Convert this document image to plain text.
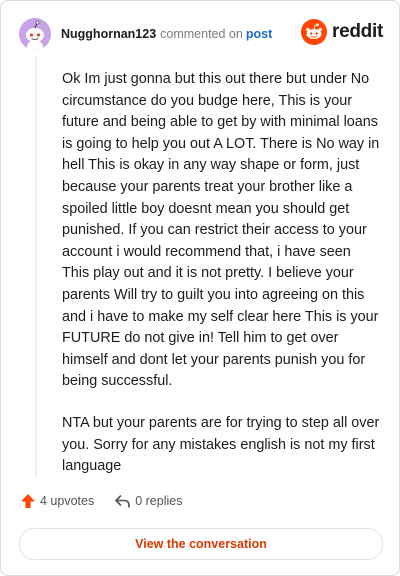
Nugghornan123 commented on post	reddit

Ok Im just gonna but this out there but under No circumstance do you budge here, This is your future and being able to get by with minimal loans is going to help you out A LOT. There is No way in hell This is okay in any way shape or form, just because your parents treat your brother like a spoiled little boy doesnt mean you should get punished. If you can restrict their access to your account i would recommend that, i have seen This play out and it is not pretty. I believe your parents Will try to guilt you into agreeing on this and i have to make my self clear here This is your FUTURE do not give in! Tell him to get over himself and dont let your parents punish you for being successful.

NTA but your parents are for trying to step all over you. Sorry for any mistakes english is not my first language

4 upvotes	0 replies
View the conversation
